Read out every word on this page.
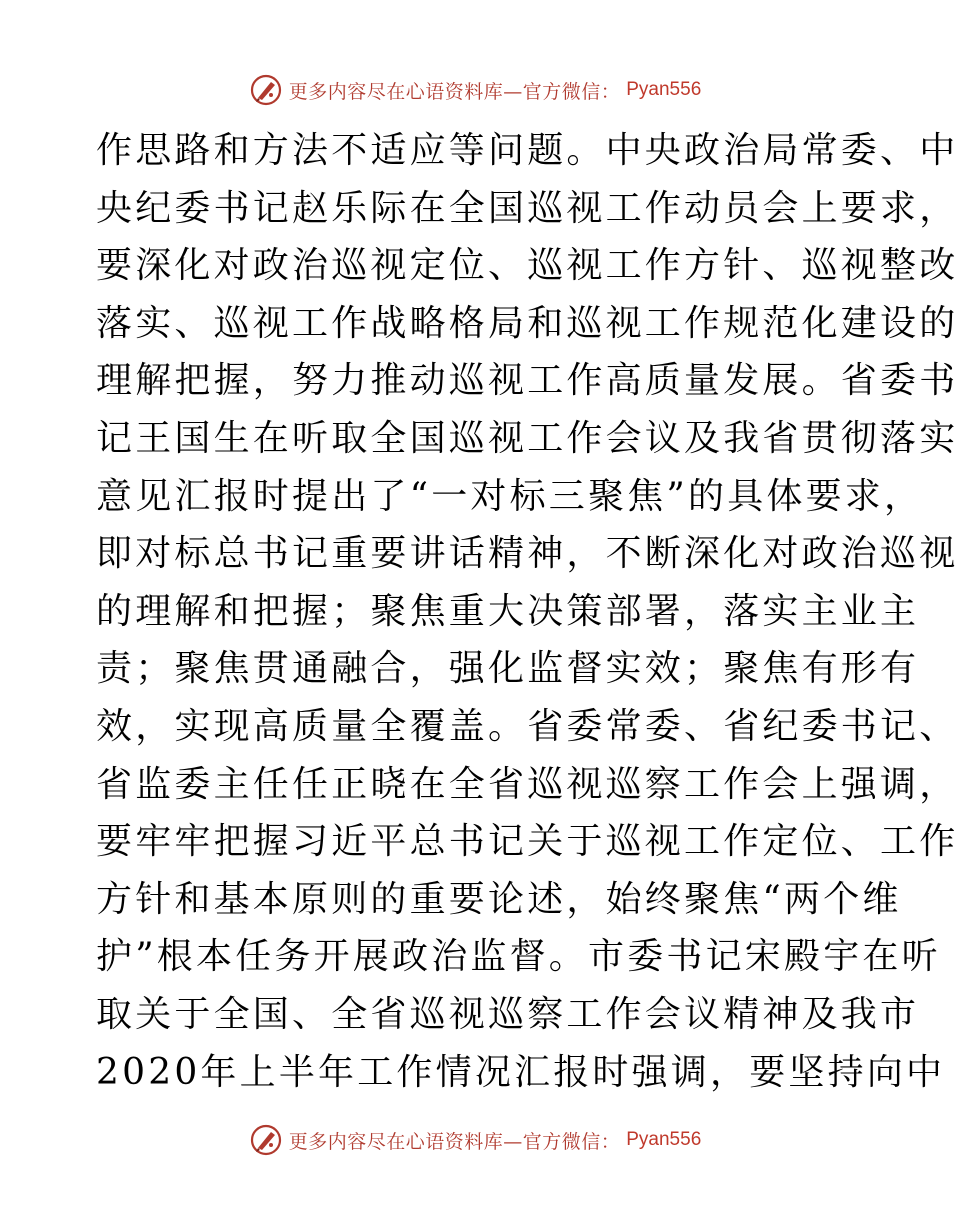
更多内容尽在心语资料库—官方微信： Pyan556
作思路和方法不适应等问题。中央政治局常委、中
央纪委书记赵乐际在全国巡视工作动员会上要求，
要深化对政治巡视定位、巡视工作方针、巡视整改
落实、巡视工作战略格局和巡视工作规范化建设的
理解把握，努力推动巡视工作高质量发展。省委书
记王国生在听取全国巡视工作会议及我省贯彻落实
意见汇报时提出了“一对标三聚焦”的具体要求，
即对标总书记重要讲话精神，不断深化对政治巡视
的理解和把握；聚焦重大决策部署，落实主业主
责；聚焦贯通融合，强化监督实效；聚焦有形有
效，实现高质量全覆盖。省委常委、省纪委书记、
省监委主任任正晓在全省巡视巡察工作会上强调，
要牢牢把握习近平总书记关于巡视工作定位、工作
方针和基本原则的重要论述，始终聚焦“两个维
护”根本任务开展政治监督。市委书记宋殿宇在听
取关于全国、全省巡视巡察工作会议精神及我市
2020年上半年工作情况汇报时强调，要坚持向中
更多内容尽在心语资料库—官方微信： Pyan556
